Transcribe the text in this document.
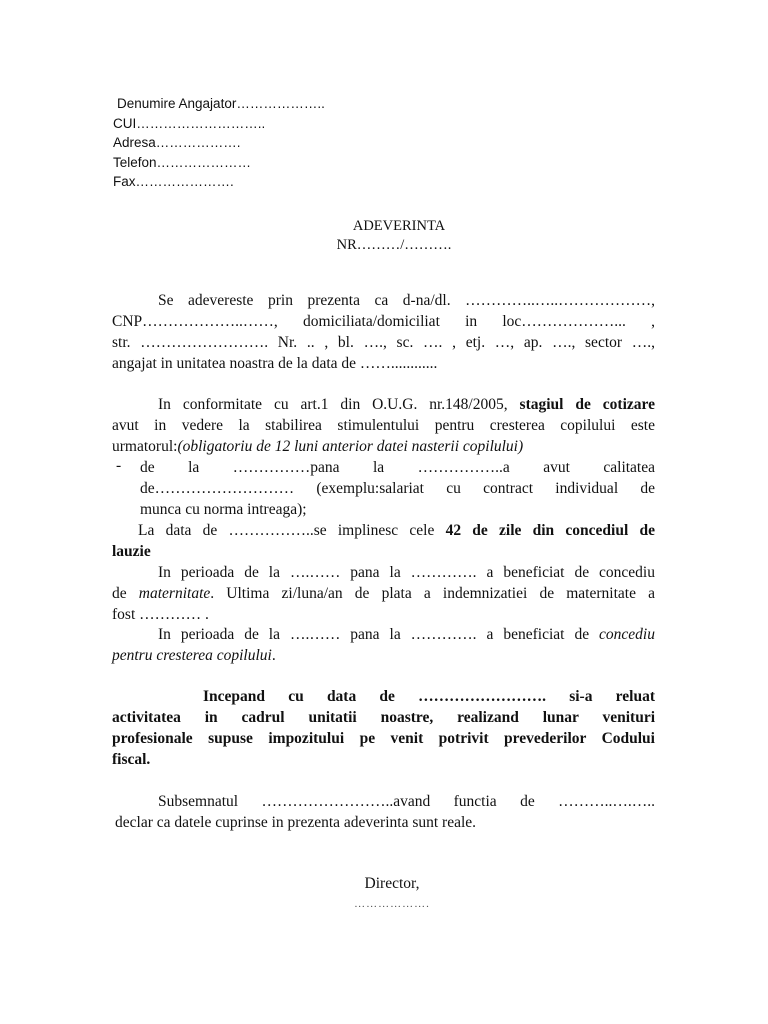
Denumire Angajator………………..
CUI………………………..
Adresa……………….
Telefon…………………
Fax………………….
ADEVERINTA
NR………/……….
Se adevereste prin prezenta ca d-na/dl. …………..…..………………,
CNP………………..……, domiciliata/domiciliat in loc………………... ,
str. ……………………. Nr. .. , bl. …., sc. …. , etj. …, ap. …., sector ….,
angajat in unitatea noastra de la data de ……............
In conformitate cu art.1 din O.U.G. nr.148/2005, stagiul de cotizare
avut in vedere la stabilirea stimulentului pentru cresterea copilului este
urmatorul:(obligatoriu de 12 luni anterior datei nasterii copilului)
- de la ……………pana la ……………..a avut calitatea
de……………………… (exemplu:salariat cu contract individual de
munca cu norma intreaga);
La data de ……………..se implinesc cele 42 de zile din concediul de
lauzie
In perioada de la ….…… pana la …………. a beneficiat de concediu
de maternitate. Ultima zi/luna/an de plata a indemnizatiei de maternitate a
fost ………… .
In perioada de la ….…… pana la …………. a beneficiat de concediu
pentru cresterea copilului.
Incepand cu data de ……………………. si-a reluat
activitatea in cadrul unitatii noastre, realizand lunar venituri
profesionale supuse impozitului pe venit potrivit prevederilor Codului
fiscal.
Subsemnatul ……………………..avand functia de ………..….…..
declar ca datele cuprinse in prezenta adeverinta sunt reale.
Director,
……………….
